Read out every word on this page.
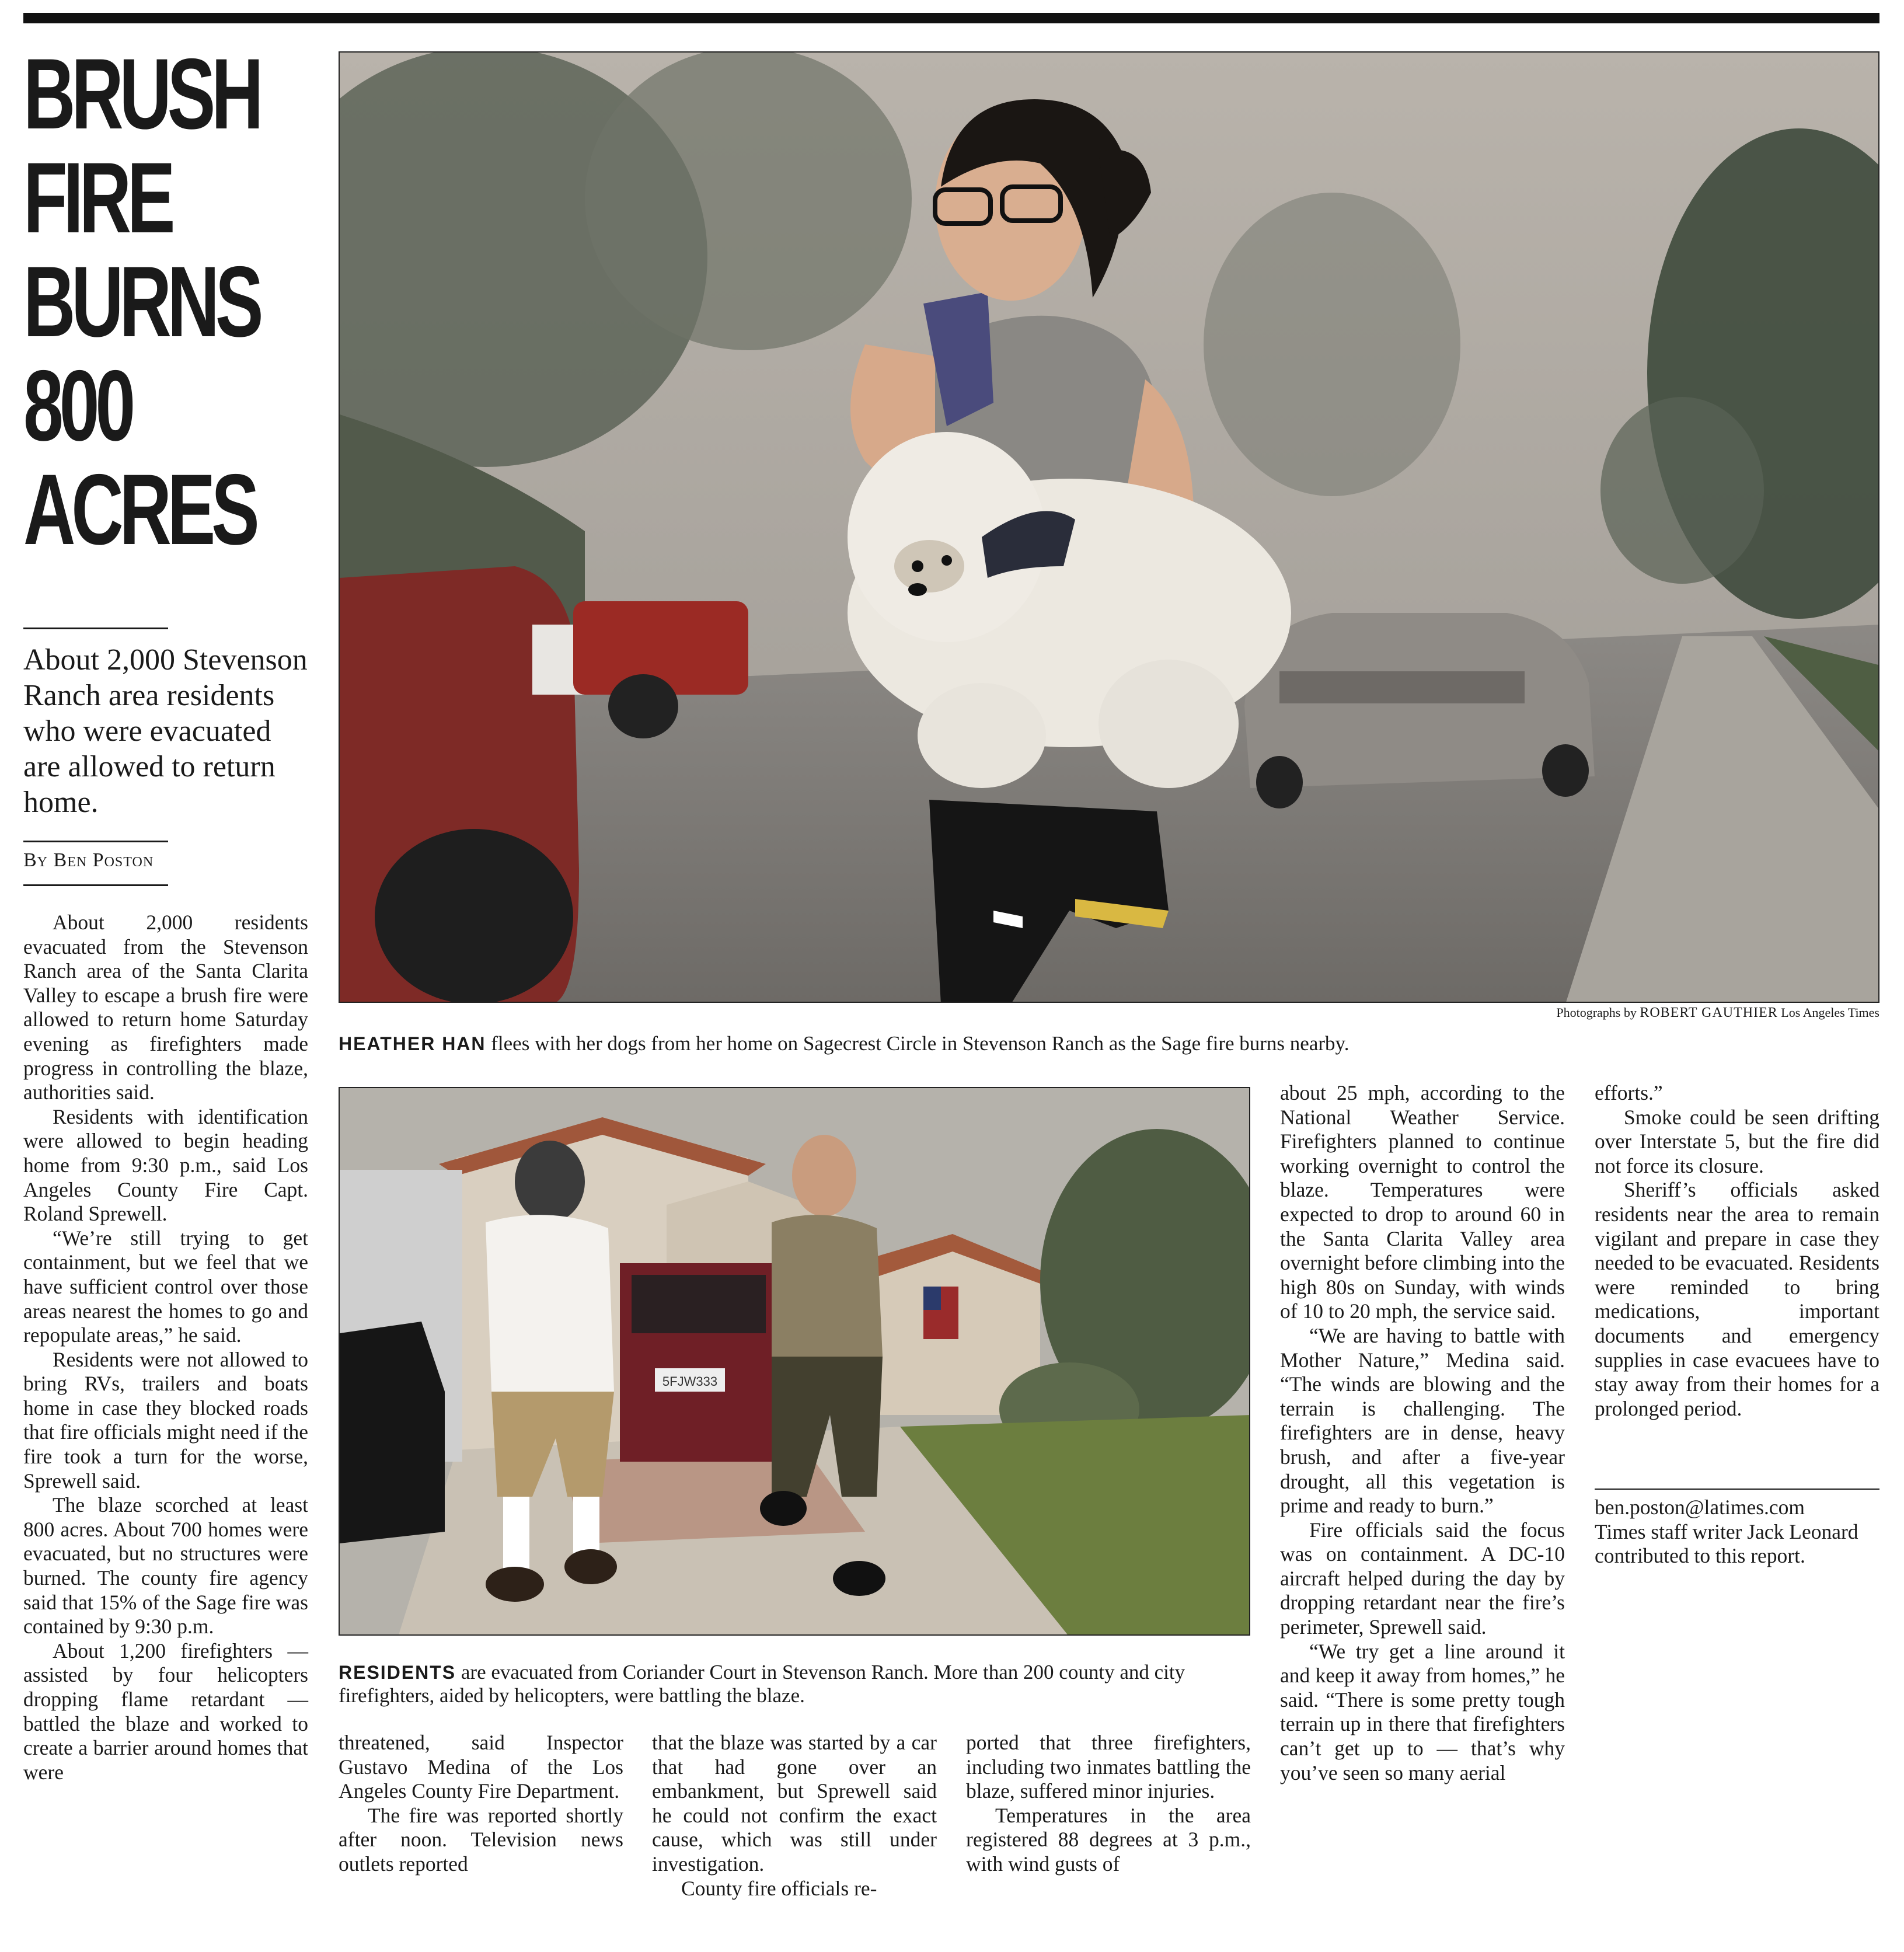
BRUSH
FIRE
BURNS
800
ACRES
About 2,000 Stevenson Ranch area residents who were evacuated are allowed to return home.
By Ben Poston

About 2,000 residents evacuated from the Stevenson Ranch area of the Santa Clarita Valley to escape a brush fire were allowed to return home Saturday evening as firefighters made progress in controlling the blaze, authorities said.

Residents with identification were allowed to begin heading home from 9:30 p.m., said Los Angeles County Fire Capt. Roland Sprewell.

“We’re still trying to get containment, but we feel that we have sufficient control over those areas nearest the homes to go and repopulate areas,” he said.

Residents were not allowed to bring RVs, trailers and boats home in case they blocked roads that fire officials might need if the fire took a turn for the worse, Sprewell said.

The blaze scorched at least 800 acres. About 700 homes were evacuated, but no structures were burned. The county fire agency said that 15% of the Sage fire was contained by 9:30 p.m.

About 1,200 firefighters — assisted by four helicopters dropping flame retardant — battled the blaze and worked to create a barrier around homes that were

Photographs by ROBERT GAUTHIER Los Angeles Times
HEATHER HAN flees with her dogs from her home on Sagecrest Circle in Stevenson Ranch as the Sage fire burns nearby.
5FJW333
RESIDENTS are evacuated from Coriander Court in Stevenson Ranch. More than 200 county and city firefighters, aided by helicopters, were battling the blaze.

threatened, said Inspector Gustavo Medina of the Los Angeles County Fire Department.

The fire was reported shortly after noon. Television news outlets reported

that the blaze was started by a car that had gone over an embankment, but Sprewell said he could not confirm the exact cause, which was still under investigation.

County fire officials re-

ported that three firefighters, including two inmates battling the blaze, suffered minor injuries.

Temperatures in the area registered 88 degrees at 3 p.m., with wind gusts of

about 25 mph, according to the National Weather Service. Firefighters planned to continue working overnight to control the blaze. Temperatures were expected to drop to around 60 in the Santa Clarita Valley area overnight before climbing into the high 80s on Sunday, with winds of 10 to 20 mph, the service said.

“We are having to battle with Mother Nature,” Medina said. “The winds are blowing and the terrain is challenging. The firefighters are in dense, heavy brush, and after a five-year drought, all this vegetation is prime and ready to burn.”

Fire officials said the focus was on containment. A DC-10 aircraft helped during the day by dropping retardant near the fire’s perimeter, Sprewell said.

“We try get a line around it and keep it away from homes,” he said. “There is some pretty tough terrain up in there that firefighters can’t get up to — that’s why you’ve seen so many aerial

efforts.”

Smoke could be seen drifting over Interstate 5, but the fire did not force its closure.

Sheriff’s officials asked residents near the area to remain vigilant and prepare in case they needed to be evacuated. Residents were reminded to bring medications, important documents and emergency supplies in case evacuees have to stay away from their homes for a prolonged period.

ben.poston@latimes.com

Times staff writer Jack Leonard contributed to this report.
